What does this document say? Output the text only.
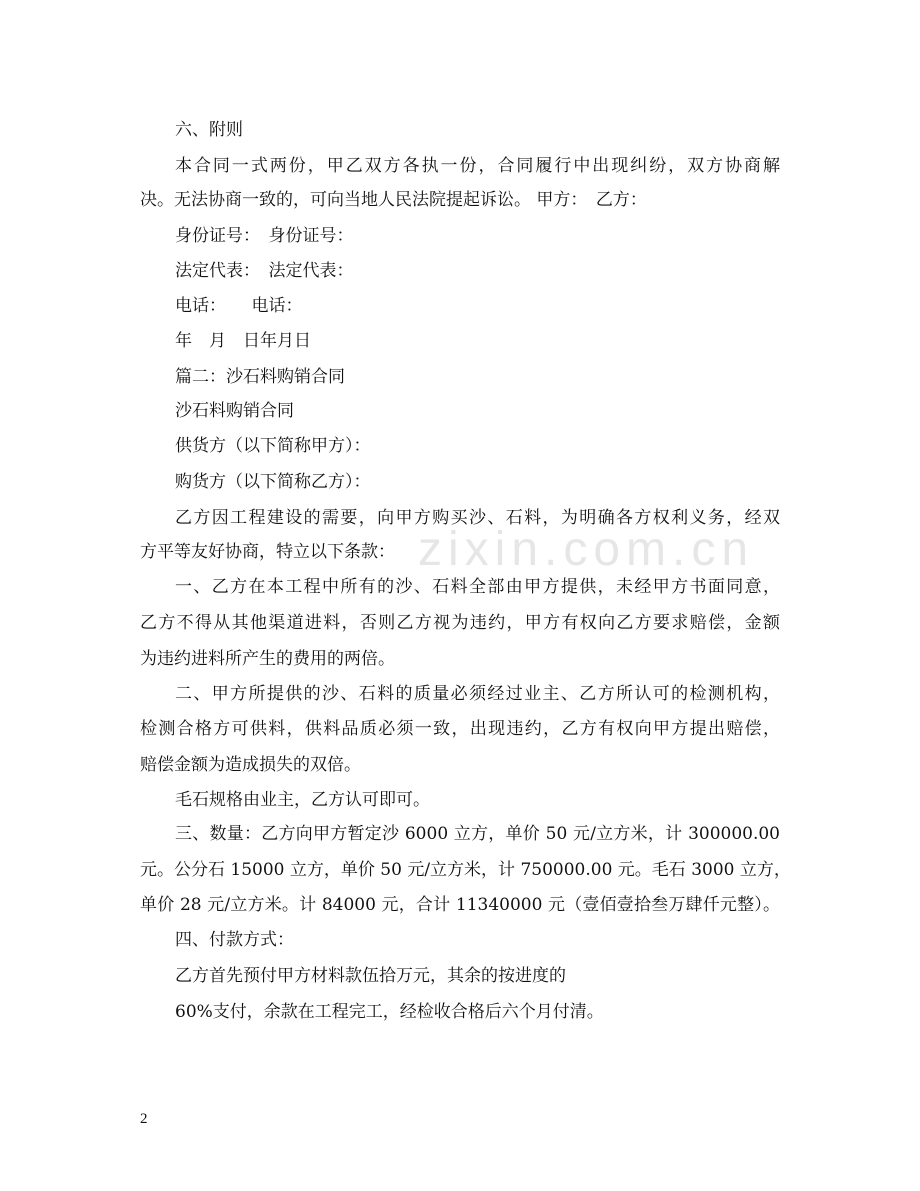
zixin.com.cn
六、附则
本合同一式两份，甲乙双方各执一份，合同履行中出现纠纷，双方协商解
决。无法协商一致的，可向当地人民法院提起诉讼。 甲方：　乙方：
身份证号：　身份证号：
法定代表：　法定代表：
电话：　　电话：
年　月　日年月日
篇二：沙石料购销合同
沙石料购销合同
供货方（以下简称甲方）：
购货方（以下简称乙方）：
乙方因工程建设的需要，向甲方购买沙、石料，为明确各方权利义务，经双
方平等友好协商，特立以下条款：
一、乙方在本工程中所有的沙、石料全部由甲方提供，未经甲方书面同意，
乙方不得从其他渠道进料，否则乙方视为违约，甲方有权向乙方要求赔偿，金额
为违约进料所产生的费用的两倍。
二、甲方所提供的沙、石料的质量必须经过业主、乙方所认可的检测机构，
检测合格方可供料，供料品质必须一致，出现违约，乙方有权向甲方提出赔偿，
赔偿金额为造成损失的双倍。
毛石规格由业主，乙方认可即可。
三、数量：乙方向甲方暂定沙 6000 立方，单价 50 元/立方米，计 300000.00
元。公分石 15000 立方，单价 50 元/立方米，计 750000.00 元。毛石 3000 立方，
单价 28 元/立方米。计 84000 元，合计 11340000 元（壹佰壹拾叁万肆仟元整）。
四、付款方式：
乙方首先预付甲方材料款伍拾万元，其余的按进度的
60%支付，余款在工程完工，经检收合格后六个月付清。
2
